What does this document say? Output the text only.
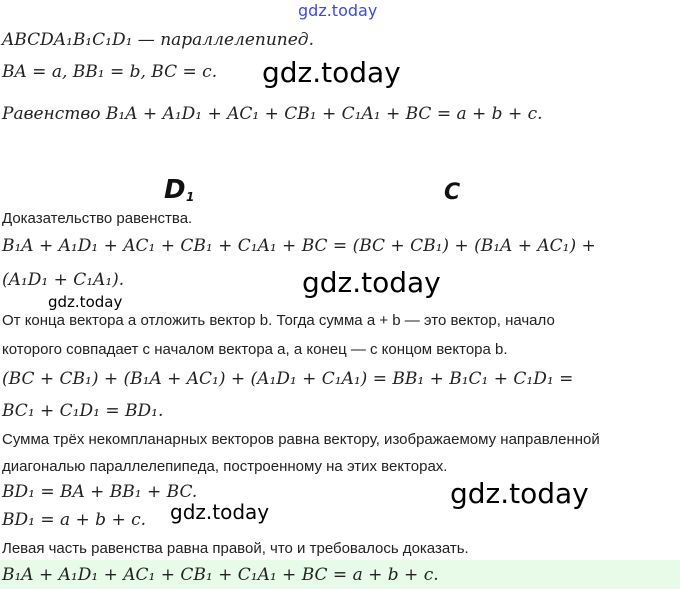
gdz.today
ABCDA₁B₁C₁D₁ — параллелепипед.
BA = a, BB₁ = b, BC = c. gdz.today
Равенство B₁A + A₁D₁ + AC₁ + CB₁ + C₁A₁ + BC = a + b + c.
D 1	C
Доказательство равенства.
B₁A + A₁D₁ + AC₁ + CB₁ + C₁A₁ + BC = (BC + CB₁) + (B₁A + AC₁) +
(A₁D₁ + C₁A₁).	gdz.today
gdz.today
От конца вектора a отложить вектор b. Тогда сумма a + b — это вектор, начало
которого совпадает с началом вектора a, а конец — с концом вектора b.
(BC + CB₁) + (B₁A + AC₁) + (A₁D₁ + C₁A₁) = BB₁ + B₁C₁ + C₁D₁ =
BC₁ + C₁D₁ = BD₁.
Сумма трёх некомпланарных векторов равна вектору, изображаемому направленной
диагональю параллелепипеда, построенному на этих векторах.
BD₁ = BA + BB₁ + BC.	gdz.today
BD₁ = a + b + c. gdz.today
Левая часть равенства равна правой, что и требовалось доказать.
B₁A + A₁D₁ + AC₁ + CB₁ + C₁A₁ + BC = a + b + c.
